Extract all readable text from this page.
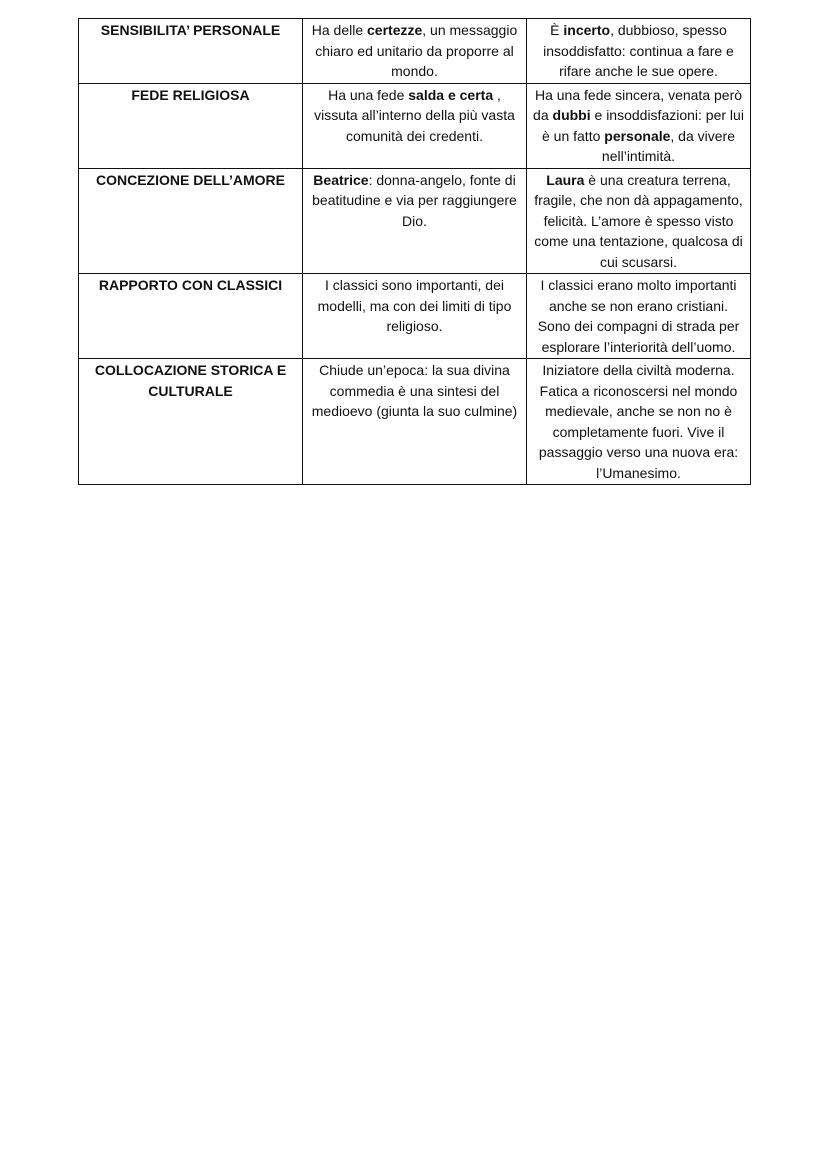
SENSIBILITA’ PERSONALE	Ha delle certezze, un messaggio chiaro ed unitario da proporre al mondo.	È incerto, dubbioso, spesso insoddisfatto: continua a fare e rifare anche le sue opere.
FEDE RELIGIOSA	Ha una fede salda e certa , vissuta all’interno della più vasta comunità dei credenti.	Ha una fede sincera, venata però da dubbi e insoddisfazioni: per lui è un fatto personale, da vivere nell’intimità.
CONCEZIONE DELL’AMORE	Beatrice: donna-angelo, fonte di beatitudine e via per raggiungere Dio.	Laura è una creatura terrena, fragile, che non dà appagamento, felicità. L’amore è spesso visto come una tentazione, qualcosa di cui scusarsi.
RAPPORTO CON CLASSICI	I classici sono importanti, dei modelli, ma con dei limiti di tipo religioso.	I classici erano molto importanti anche se non erano cristiani. Sono dei compagni di strada per esplorare l’interiorità dell’uomo.
COLLOCAZIONE STORICA E CULTURALE	Chiude un’epoca: la sua divina commedia è una sintesi del medioevo (giunta la suo culmine)	Iniziatore della civiltà moderna. Fatica a riconoscersi nel mondo medievale, anche se non no è completamente fuori. Vive il passaggio verso una nuova era: l’Umanesimo.
